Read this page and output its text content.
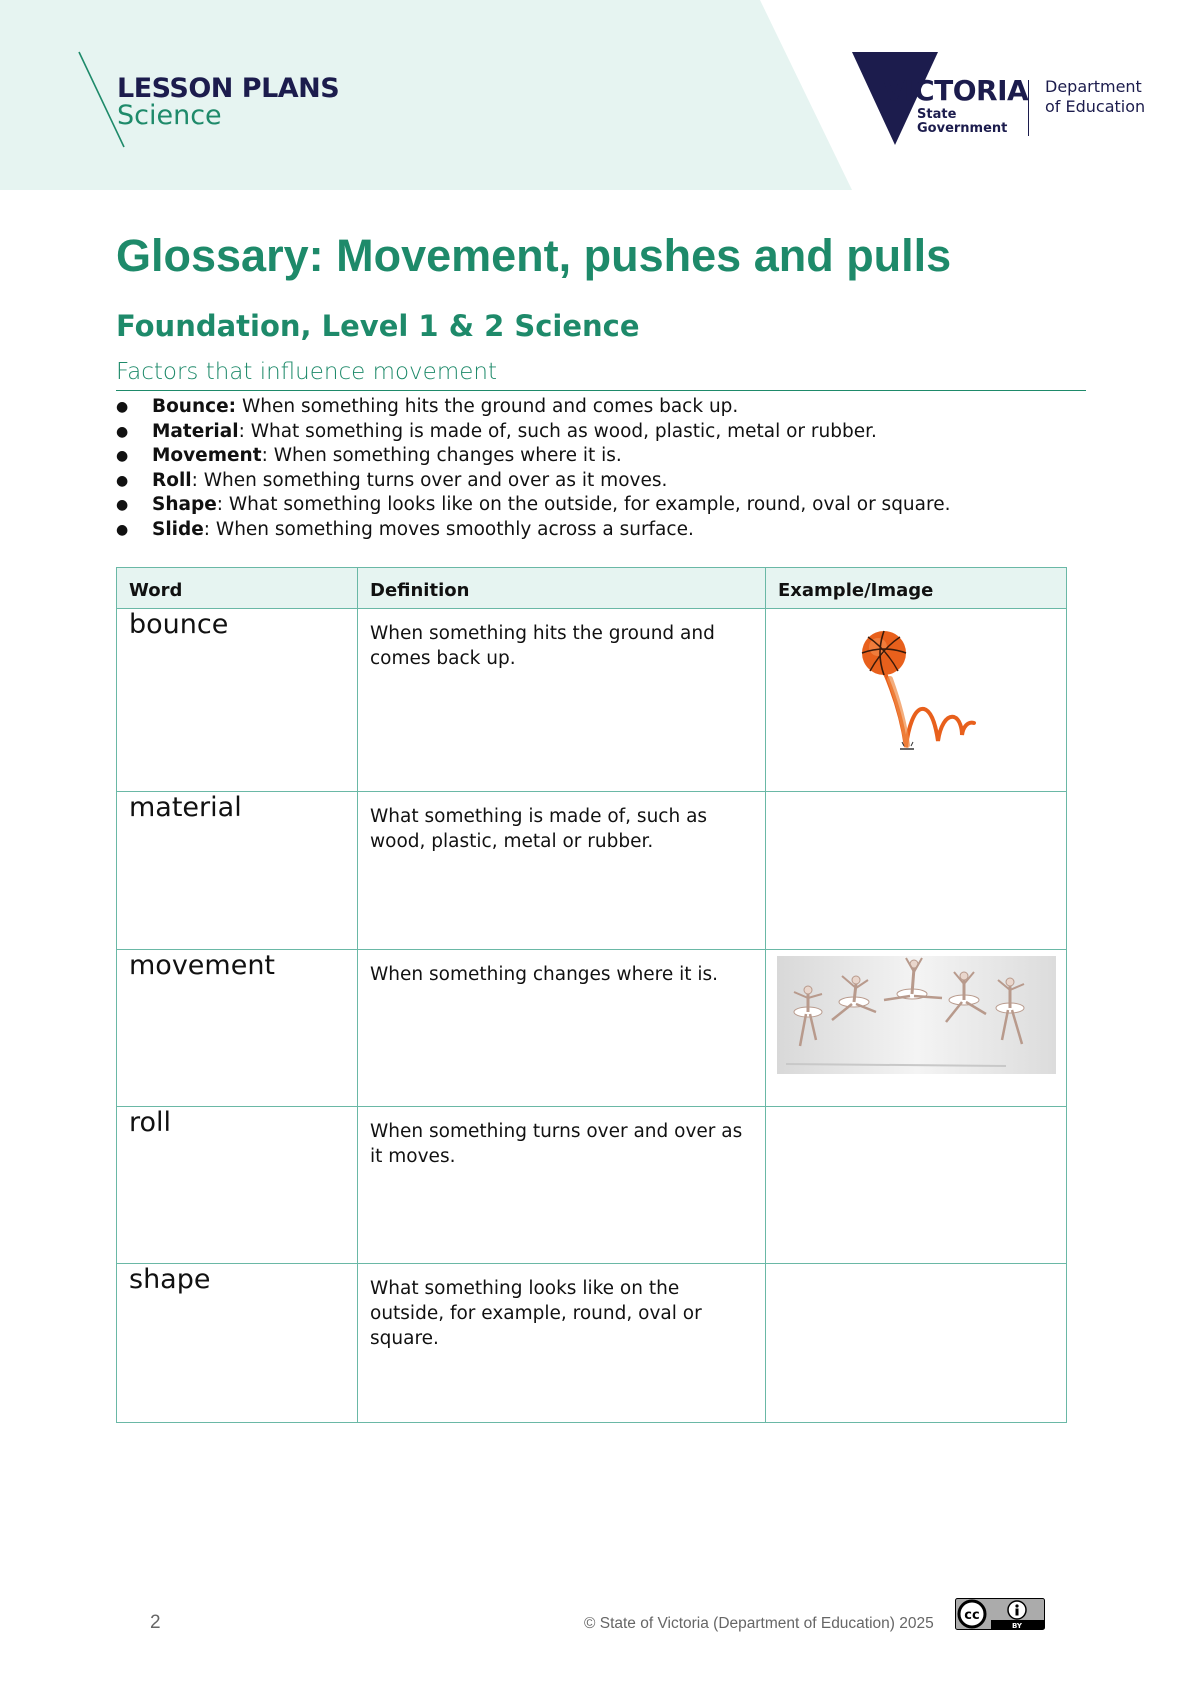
LESSON PLANS
Science
VICTORIA
State
Government
Department
of Education
Glossary: Movement, pushes and pulls
Foundation, Level 1 & 2 Science
Factors that influence movement
● Bounce: When something hits the ground and comes back up.
● Material: What something is made of, such as wood, plastic, metal or rubber.
● Movement: When something changes where it is.
● Roll: When something turns over and over as it moves.
● Shape: What something looks like on the outside, for example, round, oval or square.
● Slide: When something moves smoothly across a surface.
Word	Definition	Example/Image
bounce	When something hits the ground and comes back up.	

material	What something is made of, such as wood, plastic, metal or rubber.	
movement	When something changes where it is.	

roll	When something turns over and over as it moves.	
shape	What something looks like on the outside, for example, round, oval or square.	
2	© State of Victoria (Department of Education) 2025 cc
BY
